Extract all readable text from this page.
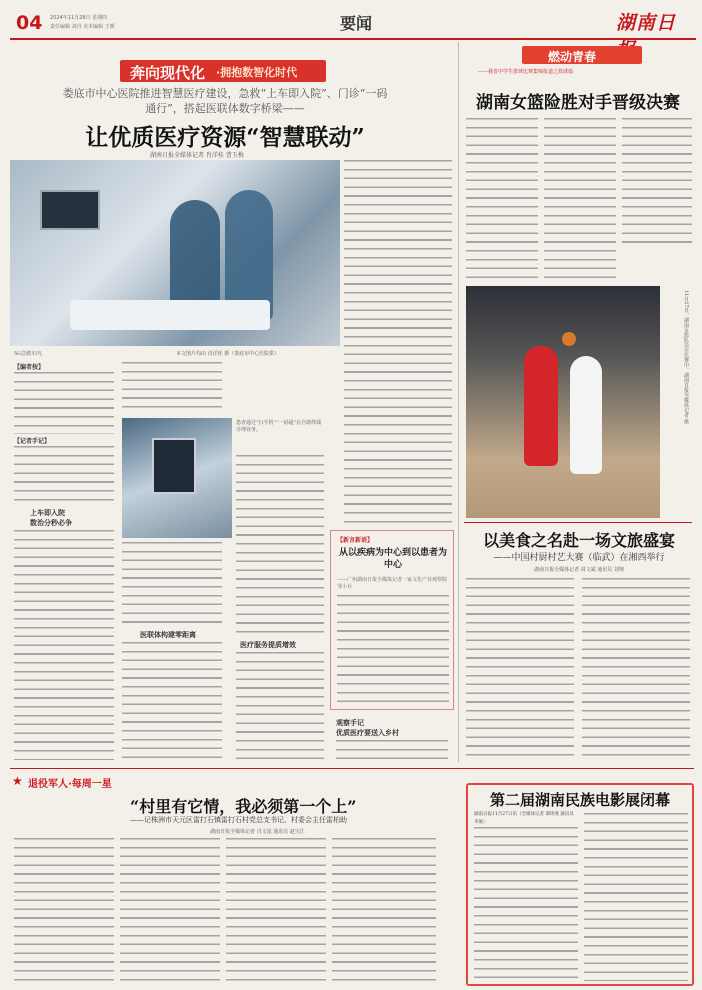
04 2024年11月28日 星期四
责任编辑 刘丹 美术编辑 王媛	要闻	湖南日
奔向现代化 ·拥抱数智化时代
娄底市中心医院推进智慧医疗建设，急救“上车即入院”、门诊“一码通行”，搭起医联体数字桥梁——
让优质医疗资源“智慧联动”
湖南日报全媒体记者 肖洋桂 曹玉梅
5G急救车内。	本文图片均由 肖洋桂 摄（娄底市中心医院供）
【编者按】
【记者手记】
上车即入院
数治分秒必争
患者通过“扫手机”“一码通”在自助终端办理业务。
医联体构建零距离
医疗服务提质增效
【新言新语】
从以疾病为中心到以患者为中心
——广州湖南日报全媒体记者一家文化产业观察院 邹小兵
观察手记
优质医疗要送入乡村
燃动青春
——我省中学生排球比赛集锦报道之篮球篇
湖南女篮险胜对手晋级决赛
11月27日，湖南女篮队员在比赛中。湖南日报全媒体记者 摄
以美食之名赴一场文旅盛宴
——中国村厨村艺大赛（临武）在湘西举行
湖南日报全媒体记者 周文斌 通讯员 刘翔
★ 退役军人·每周一星
“村里有它情，我必须第一个上”
——记株洲市天元区雷打石镇雷打石村党总支书记、村委会主任雷柏助
湖南日报全媒体记者 肖文泓 通讯员 赵宝江
第二届湖南民族电影展闭幕
湖南日报11月27日讯（全媒体记者 谭琦燕 通讯员 李俊）
